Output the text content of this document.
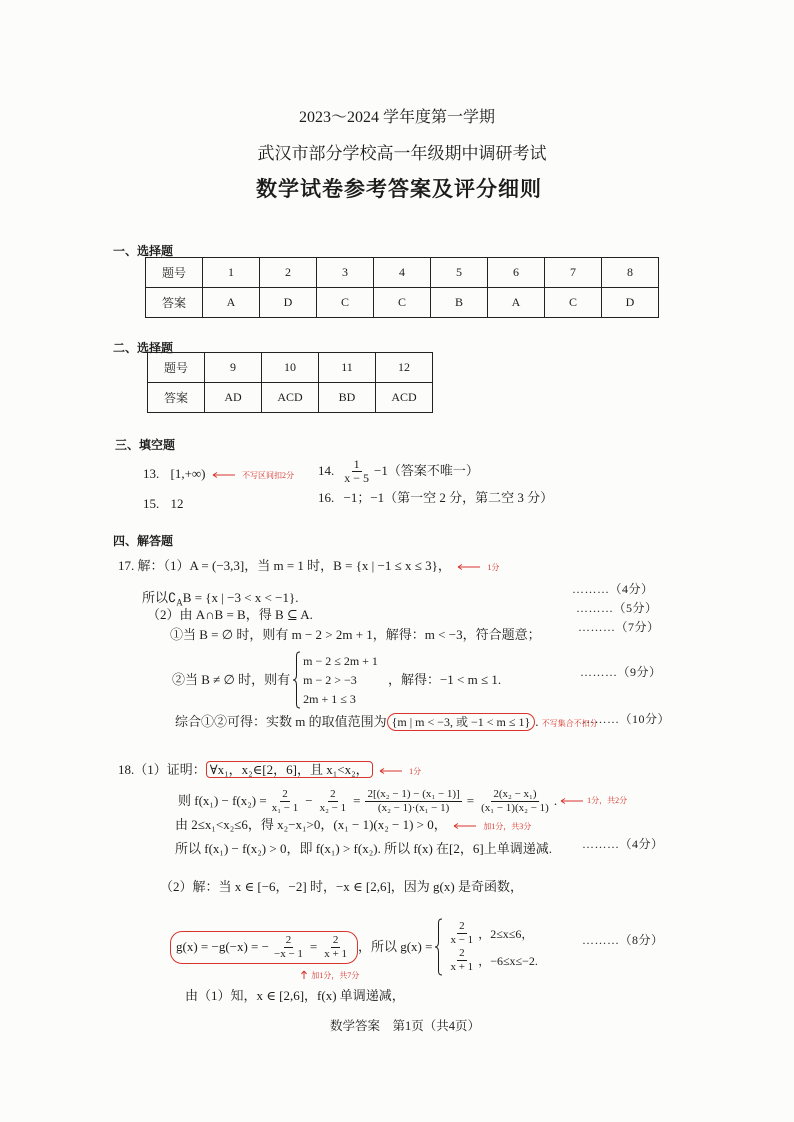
2023～2024 学年度第一学期
武汉市部分学校高一年级期中调研考试
数学试卷参考答案及评分细则
一、选择题
题号	1	2	3	4	5	6	7	8
答案	A	D	C	C	B	A	C	D
二、选择题
题号	9	10	11	12
答案	AD	ACD	BD	ACD
三、填空题
13. [1,+∞)	不写区间扣2分 14. $\frac{1}{x - 5} -1$（答案不唯一）
15. 12	16. −1；−1（第一空 2 分，第二空 3 分）
四、解答题
17. 解：（1）A = (−3,3]，当 m = 1 时，B = {x | −1 ≤ x ≤ 3}，	1分
所以$∁_AB = \{x$ | −3 < x < −1}.
………（4分）
（2）由 A∩B = B，得 B ⊆ A.	………（5分）
①当 B = ∅ 时，则有 m − 2 > 2m + 1，解得：m < −3，符合题意；	………（7分）
②当 B ≠ ∅ 时，则有
m − 2 ≤ 2m + 1
m − 2 > −3
2m + 1 ≤ 3
，解得：−1 < m ≤ 1.	………（9分）
综合①②可得：实数 m 的取值范围为 {m | m < −3, 或 −1 < m ≤ 1} . 不写集合不扣分
………（10分）
18.（1）证明： ∀x₁，x₂∈[2，6]，且 x₁<x₂，	1分
则 $f(x_1) - f(x_2) = \frac{2}{\text{x₁ − 1}} - \frac{2}{\text{x₂ − 1}} = \frac{\text{2[(x₂ − 1) − (x₁ − 1)]}}{\text{(x₂ − 1)·(x₁ − 1)}} = \frac{\text{2(x₂ − x₁)}}{\text{(x₁ − 1)(x₂ − 1)}}$ .	1分，共2分
由 2≤x₁<x₂≤6，得 x₂−x₁>0，(x₁ − 1)(x₂ − 1) > 0，	加1分，共3分
所以 f(x₁) − f(x₂) > 0，即 f(x₁) > f(x₂). 所以 f(x) 在[2，6]上单调递减.	………（4分）
（2）解：当 x ∈ [−6，−2] 时，−x ∈ [2,6]，因为 g(x) 是奇函数，
g(x) = −g(−x) = − $\frac{2}{-x - 1} = \frac{2}{x + 1}$ ，所以 $g(x) = \frac{2}{x - 1}$ ，2≤x≤6，
$\frac{2}{x + 1}$ ，−6≤x≤−2.
………（8分）
加1分，共7分
由（1）知，x ∈ [2,6]，f(x) 单调递减，
数学答案　第1页（共4页）
